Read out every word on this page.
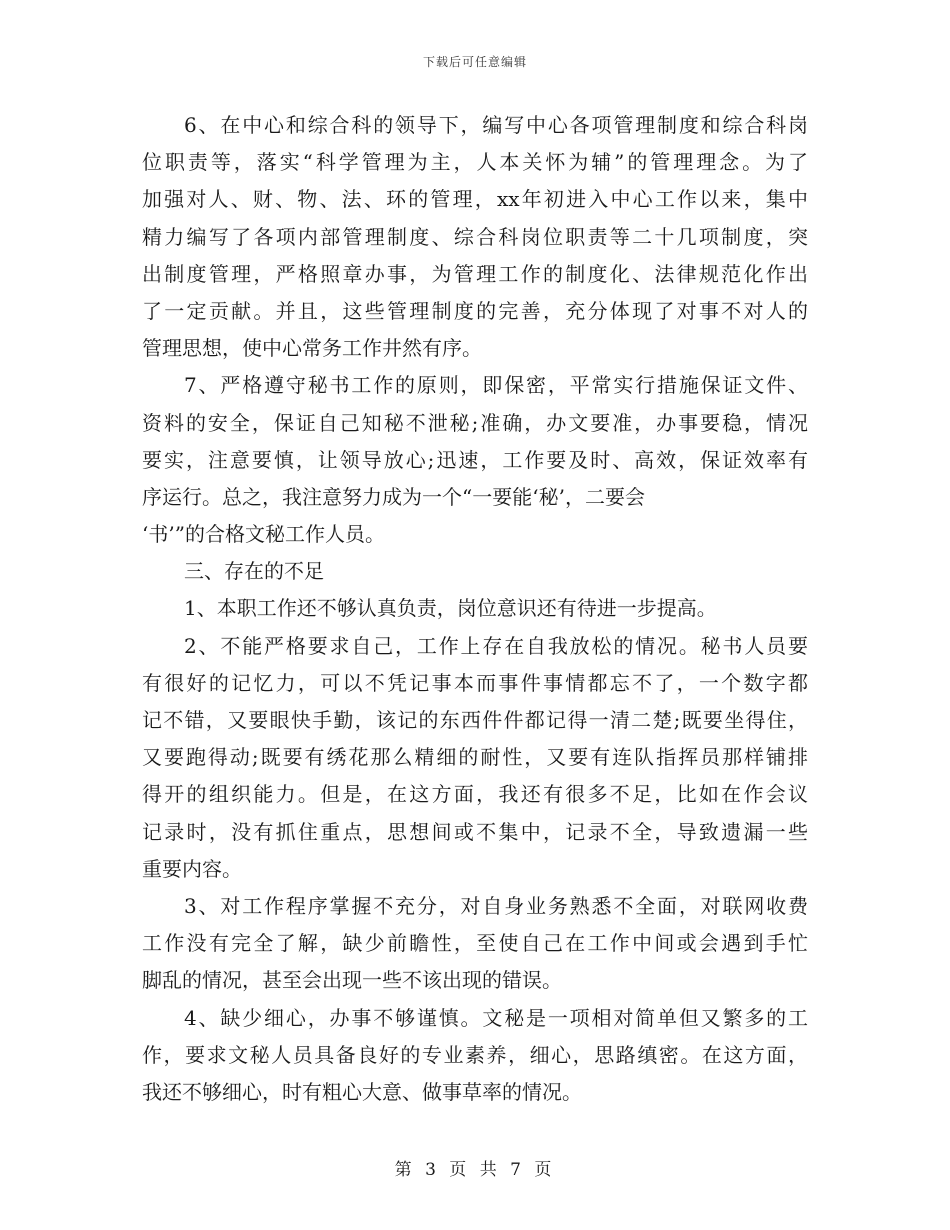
下载后可任意编辑
6、在中心和综合科的领导下，编写中心各项管理制度和综合科岗
位职责等，落实“科学管理为主，人本关怀为辅”的管理理念。为了
加强对人、财、物、法、环的管理，xx年初进入中心工作以来，集中
精力编写了各项内部管理制度、综合科岗位职责等二十几项制度，突
出制度管理，严格照章办事，为管理工作的制度化、法律规范化作出
了一定贡献。并且，这些管理制度的完善，充分体现了对事不对人的
管理思想，使中心常务工作井然有序。
7、严格遵守秘书工作的原则，即保密，平常实行措施保证文件、
资料的安全，保证自己知秘不泄秘;准确，办文要准，办事要稳，情况
要实，注意要慎，让领导放心;迅速，工作要及时、高效，保证效率有
序运行。总之，我注意努力成为一个“一要能‘秘’，二要会
‘书’”的合格文秘工作人员。
三、存在的不足
1、本职工作还不够认真负责，岗位意识还有待进一步提高。
2、不能严格要求自己，工作上存在自我放松的情况。秘书人员要
有很好的记忆力，可以不凭记事本而事件事情都忘不了，一个数字都
记不错，又要眼快手勤，该记的东西件件都记得一清二楚;既要坐得住，
又要跑得动;既要有绣花那么精细的耐性，又要有连队指挥员那样铺排
得开的组织能力。但是，在这方面，我还有很多不足，比如在作会议
记录时，没有抓住重点，思想间或不集中，记录不全，导致遗漏一些
重要内容。
3、对工作程序掌握不充分，对自身业务熟悉不全面，对联网收费
工作没有完全了解，缺少前瞻性，至使自己在工作中间或会遇到手忙
脚乱的情况，甚至会出现一些不该出现的错误。
4、缺少细心，办事不够谨慎。文秘是一项相对简单但又繁多的工
作，要求文秘人员具备良好的专业素养，细心，思路缜密。在这方面，
我还不够细心，时有粗心大意、做事草率的情况。
第 3 页 共 7 页
